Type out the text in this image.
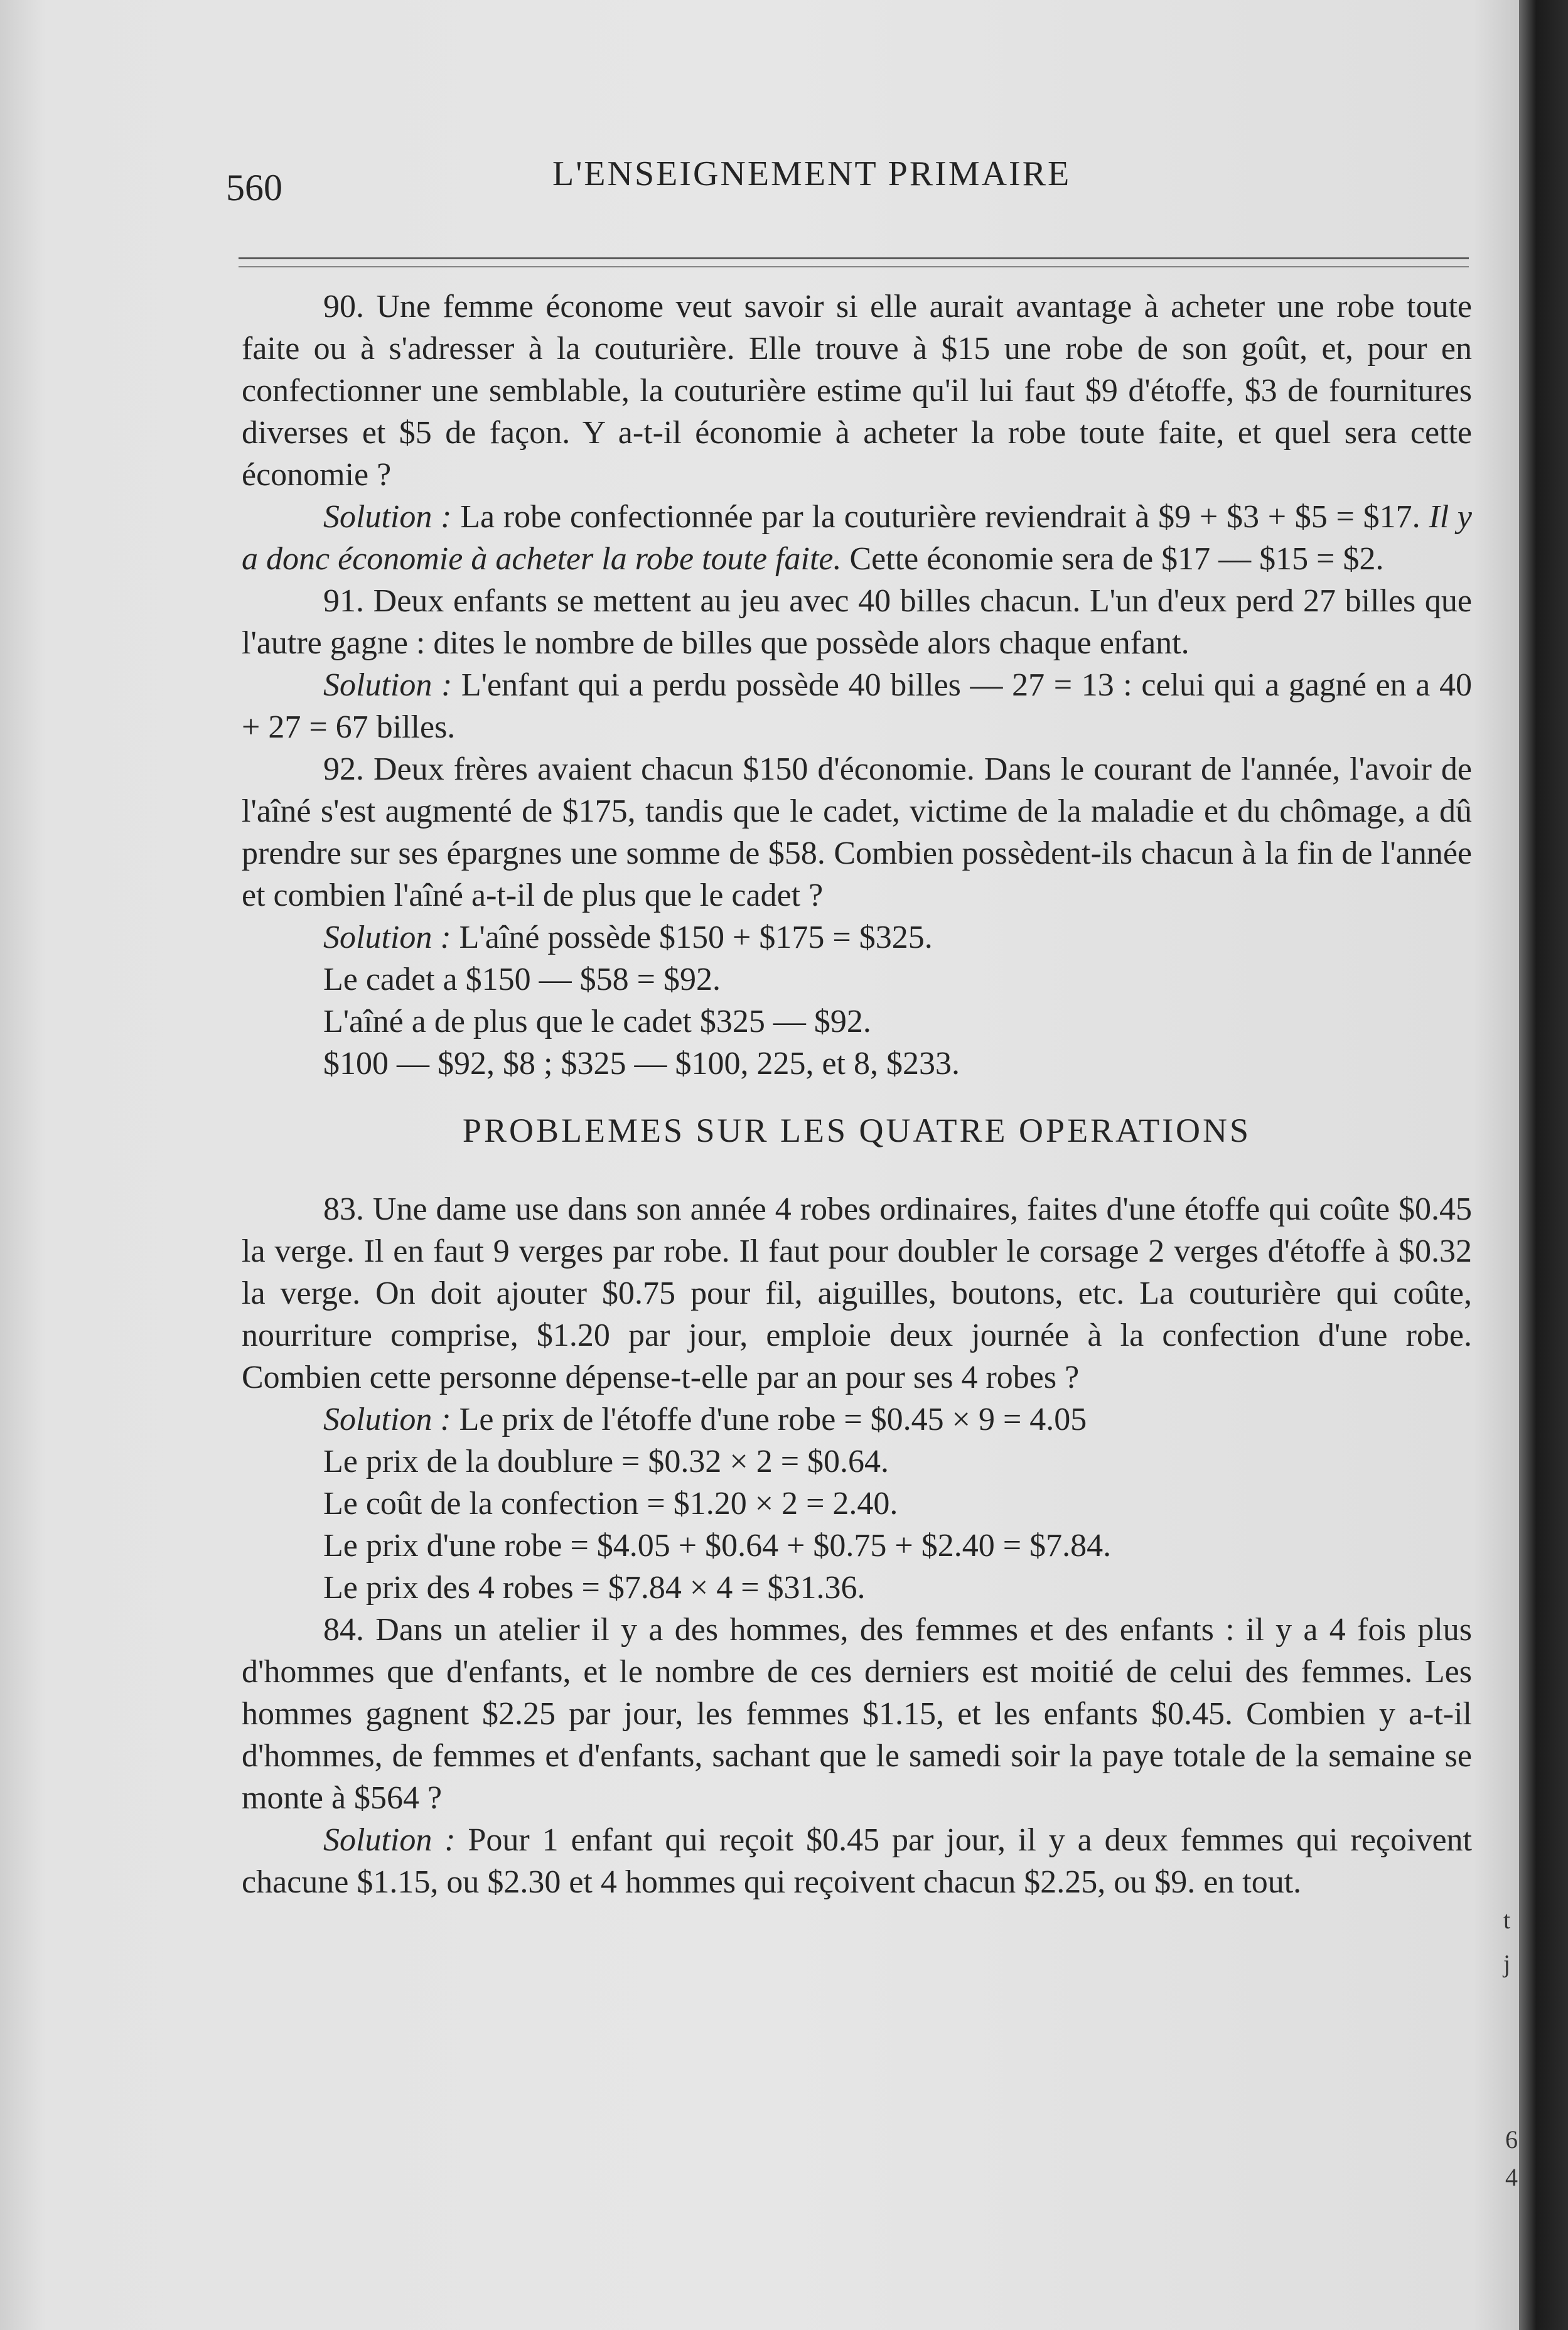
560	L'ENSEIGNEMENT PRIMAIRE

90. Une femme économe veut savoir si elle aurait avantage à acheter une robe toute faite ou à s'adresser à la couturière. Elle trouve à $15 une robe de son goût, et, pour en confectionner une semblable, la couturière estime qu'il lui faut $9 d'étoffe, $3 de fournitures diverses et $5 de façon. Y a-t-il économie à acheter la robe toute faite, et quel sera cette économie ?

Solution : La robe confectionnée par la couturière reviendrait à $9 + $3 + $5 = $17. Il y a donc économie à acheter la robe toute faite. Cette économie sera de $17 — $15 = $2.

91. Deux enfants se mettent au jeu avec 40 billes chacun. L'un d'eux perd 27 billes que l'autre gagne : dites le nombre de billes que possède alors chaque enfant.

Solution : L'enfant qui a perdu possède 40 billes — 27 = 13 : celui qui a gagné en a 40 + 27 = 67 billes.

92. Deux frères avaient chacun $150 d'économie. Dans le courant de l'année, l'avoir de l'aîné s'est augmenté de $175, tandis que le cadet, victime de la maladie et du chômage, a dû prendre sur ses épargnes une somme de $58. Combien possèdent-ils chacun à la fin de l'année et combien l'aîné a-t-il de plus que le cadet ?

Solution : L'aîné possède $150 + $175 = $325.

Le cadet a $150 — $58 = $92.

L'aîné a de plus que le cadet $325 — $92.

$100 — $92, $8 ; $325 — $100, 225, et 8, $233.

PROBLEMES SUR LES QUATRE OPERATIONS

83. Une dame use dans son année 4 robes ordinaires, faites d'une étoffe qui coûte $0.45 la verge. Il en faut 9 verges par robe. Il faut pour doubler le corsage 2 verges d'étoffe à $0.32 la verge. On doit ajouter $0.75 pour fil, aiguilles, boutons, etc. La couturière qui coûte, nourriture comprise, $1.20 par jour, emploie deux journée à la confection d'une robe. Combien cette personne dépense-t-elle par an pour ses 4 robes ?

Solution : Le prix de l'étoffe d'une robe = $0.45 × 9 = 4.05

Le prix de la doublure = $0.32 × 2 = $0.64.

Le coût de la confection = $1.20 × 2 = 2.40.

Le prix d'une robe = $4.05 + $0.64 + $0.75 + $2.40 = $7.84.

Le prix des 4 robes = $7.84 × 4 = $31.36.

84. Dans un atelier il y a des hommes, des femmes et des enfants : il y a 4 fois plus d'hommes que d'enfants, et le nombre de ces derniers est moitié de celui des femmes. Les hommes gagnent $2.25 par jour, les femmes $1.15, et les enfants $0.45. Combien y a-t-il d'hommes, de femmes et d'enfants, sachant que le samedi soir la paye totale de la semaine se monte à $564 ?

Solution : Pour 1 enfant qui reçoit $0.45 par jour, il y a deux femmes qui reçoivent chacune $1.15, ou $2.30 et 4 hommes qui reçoivent chacun $2.25, ou $9. en tout.

t
j
6
4
